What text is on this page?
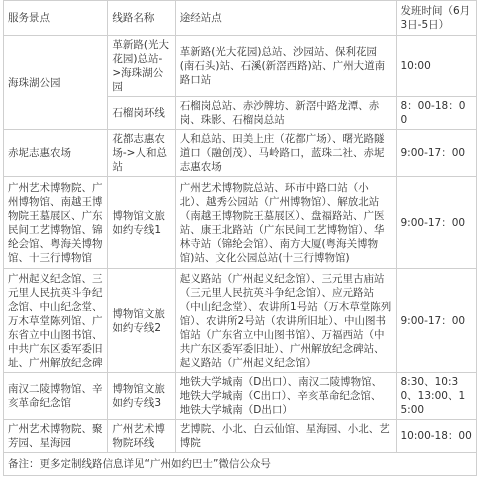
服务景点	线路名称	途经站点	发班时间（6月3日-5日）
海珠湖公园	革新路(光大花园)总站->海珠湖公园	革新路(光大花园)总站、沙园站、保利花园(南石头)站、石溪(新滘西路)站、广州大道南路口站	10:00
	石榴岗环线	石榴岗总站、赤沙牌坊、新滘中路龙潭、赤岗、珠影、石榴岗总站	8：00-18：00
赤坭志惠农场	花都志惠农场->人和总站	人和总站、田美上庄（花都广场）、曙光路隧道口（融创茂）、马岭路口，蓝珠二社、赤坭志惠农场	9:00-17：00
广州艺术博物院、广州博物馆、南越王博物院王墓展区、广东民间工艺博物馆、锦纶会馆、粤海关博物馆、十三行博物馆	博物馆文旅如约专线1	广州艺术博物院总站、环市中路口站（小北）、越秀公园站（广州博物馆）、解放北站（南越王博物院王墓展区）、盘福路站、广医站、康王北路站（广东民间工艺博物馆）、华林寺站（锦纶会馆）、南方大厦(粤海关博物馆)站、文化公园总站(十三行博物馆)	9:00-17：00
广州起义纪念馆、三元里人民抗英斗争纪念馆、中山纪念堂、万木草堂陈列馆、广东省立中山图书馆、中共广东区委军委旧址、广州解放纪念碑	博物馆文旅如约专线2	起义路站（广州起义纪念馆）、三元里古庙站（三元里人民抗英斗争纪念馆）、应元路站（中山纪念堂）、农讲所1号站（万木草堂陈列馆）、农讲所2号站（农讲所旧址）、中山图书馆站（广东省立中山图书馆）、万福西站（中共广东区委军委旧址）、广州解放纪念碑站、起义路站（广州起义纪念馆）	9:00-17：00
南汉二陵博物馆、辛亥革命纪念馆	博物馆文旅如约专线3	地铁大学城南（D出口）、南汉二陵博物馆、地铁大学城南（C出口）、辛亥革命纪念馆、地铁大学城南（D出口）	8:30、10:30、13:00、15:00
广州艺术博物院、聚芳园、星海园	广州艺术博物院环线	艺博院、小北、白云仙馆、星海园、小北、艺博院	10:00-18：00
备注：更多定制线路信息详见“广州如约巴士”微信公众号			
